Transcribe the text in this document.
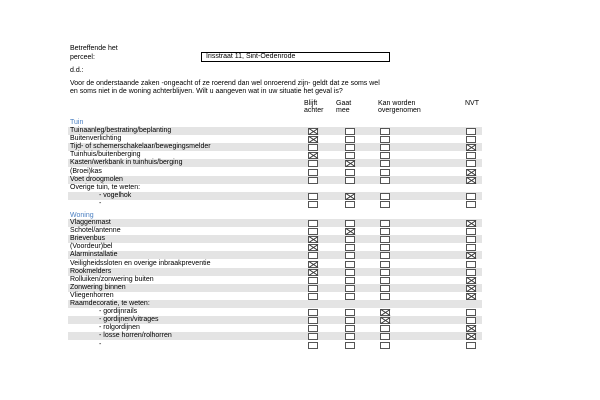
Betreffende het
perceel:	Irisstraat 11, Sint-Oedenrode
d.d.:
Voor de onderstaande zaken -ongeacht of ze roerend dan wel onroerend zijn- geldt dat ze soms wel
en soms niet in de woning achterblijven. Wilt u aangeven wat in uw situatie het geval is?
Blijft
achter
Gaat
mee
Kan worden
overgenomen
NVT
Tuin
Tuinaanleg/bestrating/beplanting
Buitenverlichting
Tijd- of schemerschakelaar/bewegingsmelder
Tuinhuis/buitenberging
Kasten/werkbank in tuinhuis/berging
(Broei)kas
Voet droogmolen
Overige tuin, te weten:
- vogelhok
-
Woning
Vlaggenmast
Schotel/antenne
Brievenbus
(Voordeur)bel
Alarminstallatie
Veiligheidssloten en overige inbraakpreventie
Rookmelders
Rolluiken/zonwering buiten
Zonwering binnen
Vliegenhorren
Raamdecoratie, te weten:
- gordijnrails
- gordijnen/vitrages
- rolgordijnen
- losse horren/rolhorren
-
